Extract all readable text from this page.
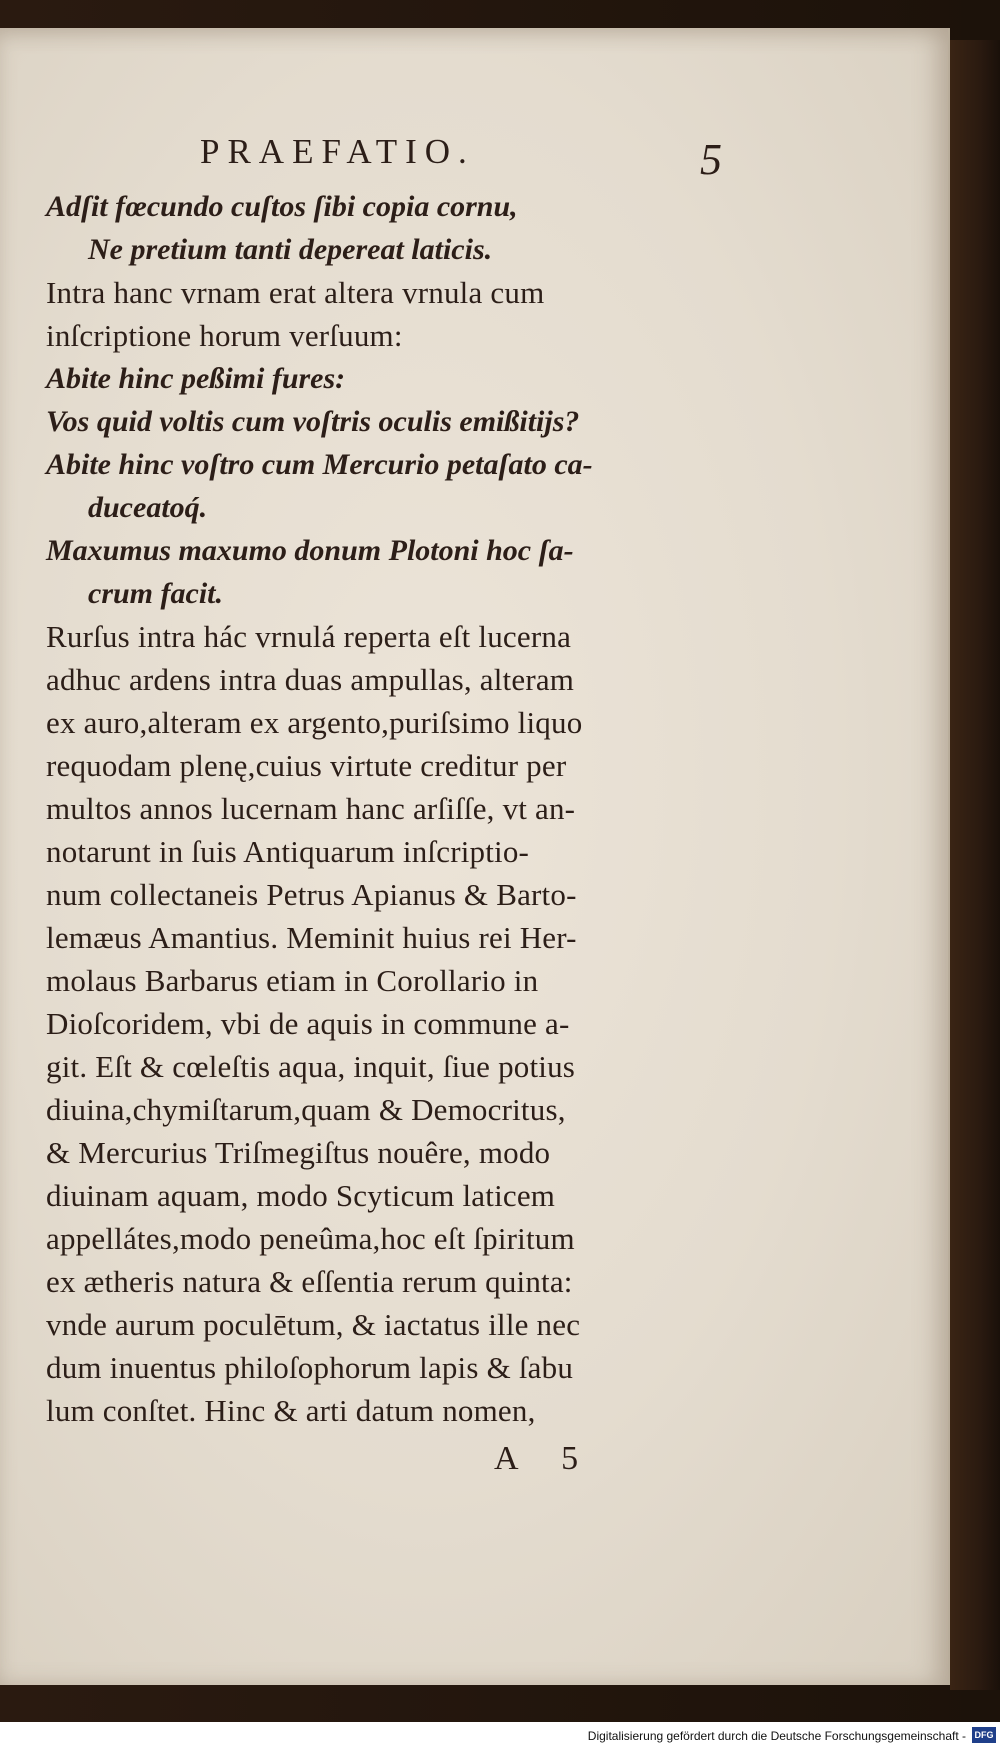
PRAEFATIO.	5
Adſit fœcundo cuſtos ſibi copia cornu,
Ne pretium tanti depereat laticis.
Intra hanc vrnam erat altera vrnula cum
inſcriptione horum verſuum:
Abite hinc peßimi fures:
Vos quid voltis cum voſtris oculis emißitijs?
Abite hinc voſtro cum Mercurio petaſato ca-
duceatoq́.
Maxumus maxumo donum Plotoni hoc ſa-
crum facit.
Rurſus intra hác vrnulá reperta eſt lucerna
adhuc ardens intra duas ampullas, alteram
ex auro,alteram ex argento,puriſsimo liquo
requodam plenę,cuius virtute creditur per
multos annos lucernam hanc arſiſſe, vt an-
notarunt in ſuis Antiquarum inſcriptio-
num collectaneis Petrus Apianus & Barto-
lemæus Amantius. Meminit huius rei Her-
molaus Barbarus etiam in Corollario in
Dioſcoridem, vbi de aquis in commune a-
git. Eſt & cœleſtis aqua, inquit, ſiue potius
diuina,chymiſtarum,quam & Democritus,
& Mercurius Triſmegiſtus nouêre, modo
diuinam aquam, modo Scyticum laticem
appellátes,modo peneûma,hoc eſt ſpiritum
ex ætheris natura & eſſentia rerum quinta:
vnde aurum poculētum, & iactatus ille nec
dum inuentus philoſophorum lapis & ſabu
lum conſtet. Hinc & arti datum nomen,
A 5
Digitalisierung gefördert durch die Deutsche Forschungsgemeinschaft - DFG
